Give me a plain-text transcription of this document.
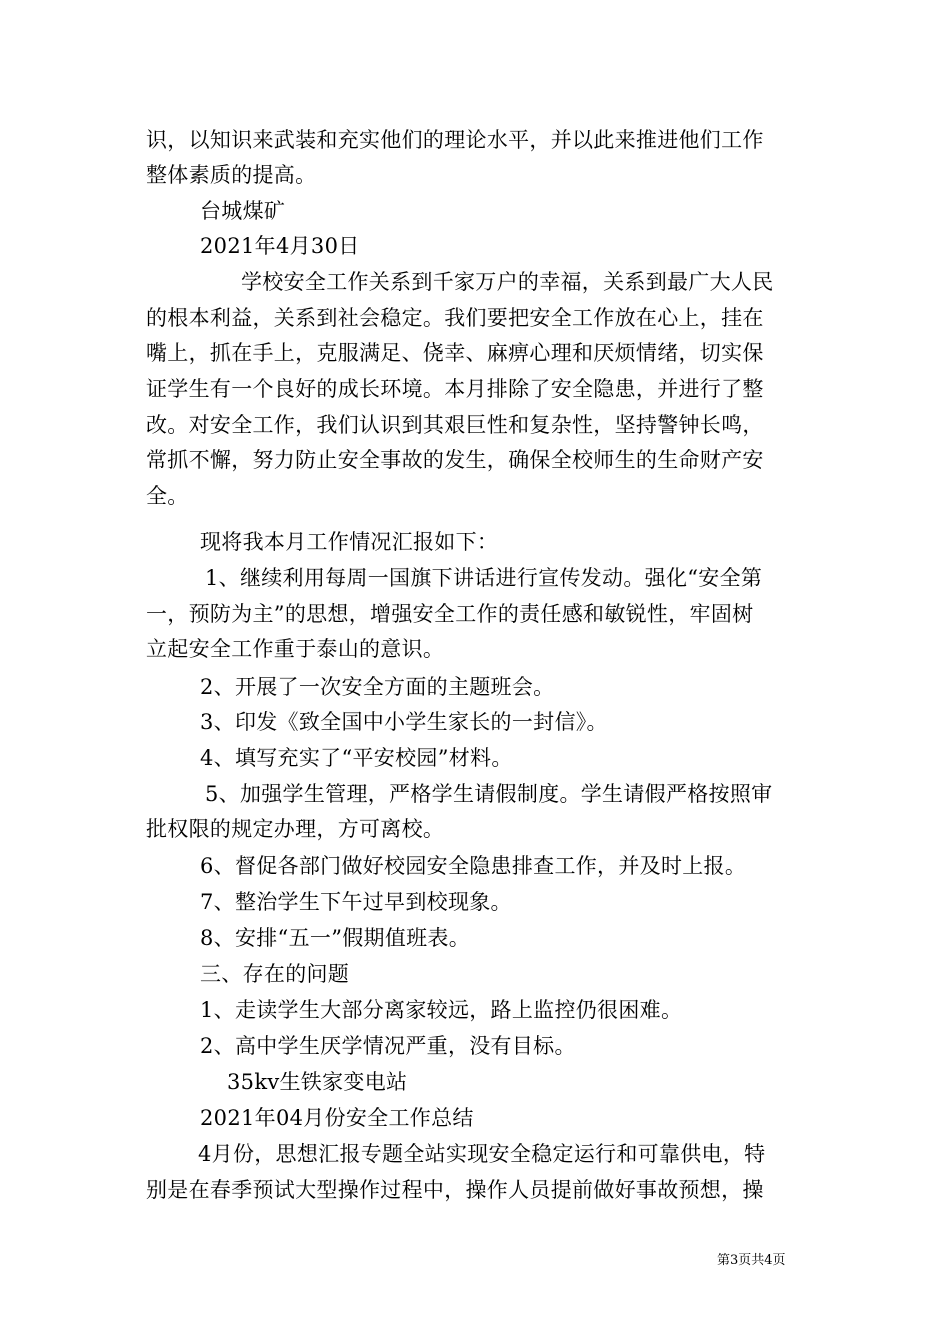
识，以知识来武装和充实他们的理论水平，并以此来推进他们工作
整体素质的提高。
台城煤矿
2021年4月30日
学校安全工作关系到千家万户的幸福，关系到最广大人民
的根本利益，关系到社会稳定。我们要把安全工作放在心上，挂在
嘴上，抓在手上，克服满足、侥幸、麻痹心理和厌烦情绪，切实保
证学生有一个良好的成长环境。本月排除了安全隐患，并进行了整
改。对安全工作，我们认识到其艰巨性和复杂性，坚持警钟长鸣，
常抓不懈，努力防止安全事故的发生，确保全校师生的生命财产安
全。
现将我本月工作情况汇报如下：
1、继续利用每周一国旗下讲话进行宣传发动。强化“安全第
一，预防为主”的思想，增强安全工作的责任感和敏锐性，牢固树
立起安全工作重于泰山的意识。
2、开展了一次安全方面的主题班会。
3、印发《致全国中小学生家长的一封信》。
4、填写充实了“平安校园”材料。
5、加强学生管理，严格学生请假制度。学生请假严格按照审
批权限的规定办理，方可离校。
6、督促各部门做好校园安全隐患排查工作，并及时上报。
7、整治学生下午过早到校现象。
8、安排“五一”假期值班表。
三、存在的问题
1、走读学生大部分离家较远，路上监控仍很困难。
2、高中学生厌学情况严重，没有目标。
35kv生铁家变电站
2021年04月份安全工作总结
4月份，思想汇报专题全站实现安全稳定运行和可靠供电，特
别是在春季预试大型操作过程中，操作人员提前做好事故预想，操
第3页共4页
